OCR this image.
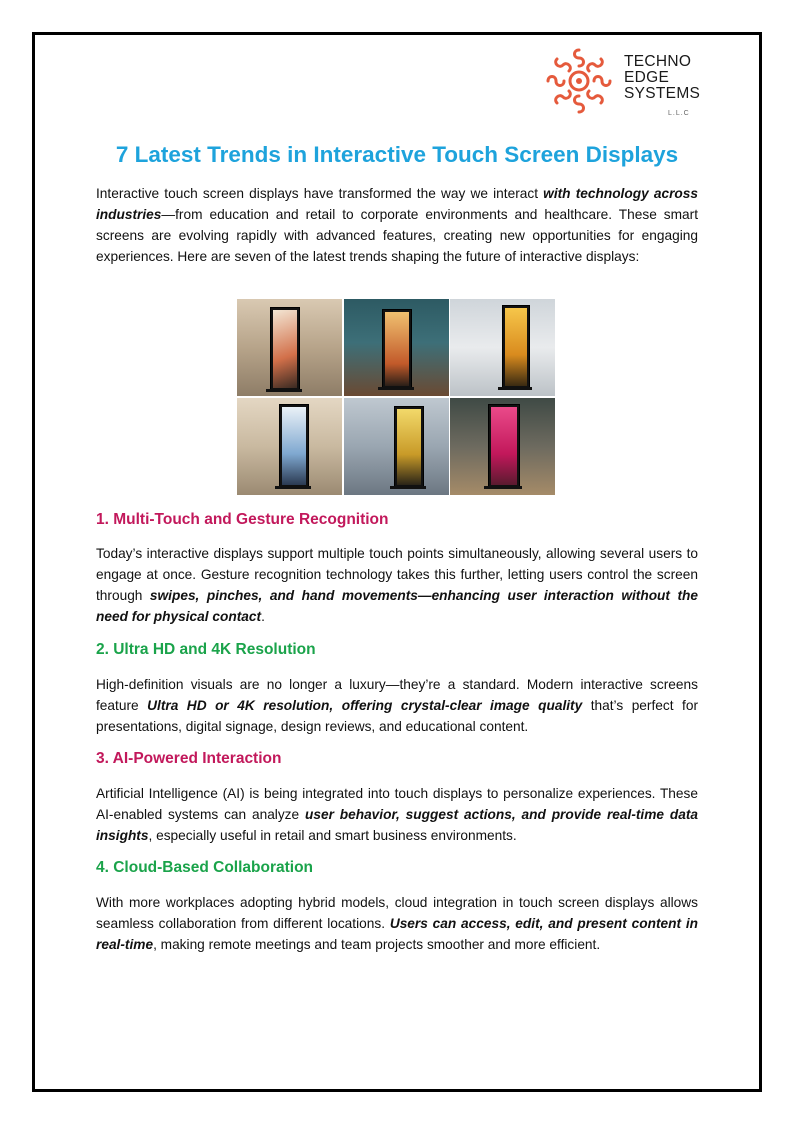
TECHNO
EDGE
SYSTEMS
L.L.C
7 Latest Trends in Interactive Touch Screen Displays

Interactive touch screen displays have transformed the way we interact with technology across industries—from education and retail to corporate environments and healthcare. These smart screens are evolving rapidly with advanced features, creating new opportunities for engaging experiences. Here are seven of the latest trends shaping the future of interactive displays:

1. Multi-Touch and Gesture Recognition

Today’s interactive displays support multiple touch points simultaneously, allowing several users to engage at once. Gesture recognition technology takes this further, letting users control the screen through swipes, pinches, and hand movements—enhancing user interaction without the need for physical contact.

2. Ultra HD and 4K Resolution

High-definition visuals are no longer a luxury—they’re a standard. Modern interactive screens feature Ultra HD or 4K resolution, offering crystal-clear image quality that’s perfect for presentations, digital signage, design reviews, and educational content.

3. AI-Powered Interaction

Artificial Intelligence (AI) is being integrated into touch displays to personalize experiences. These AI-enabled systems can analyze user behavior, suggest actions, and provide real-time data insights, especially useful in retail and smart business environments.

4. Cloud-Based Collaboration

With more workplaces adopting hybrid models, cloud integration in touch screen displays allows seamless collaboration from different locations. Users can access, edit, and present content in real-time, making remote meetings and team projects smoother and more efficient.
